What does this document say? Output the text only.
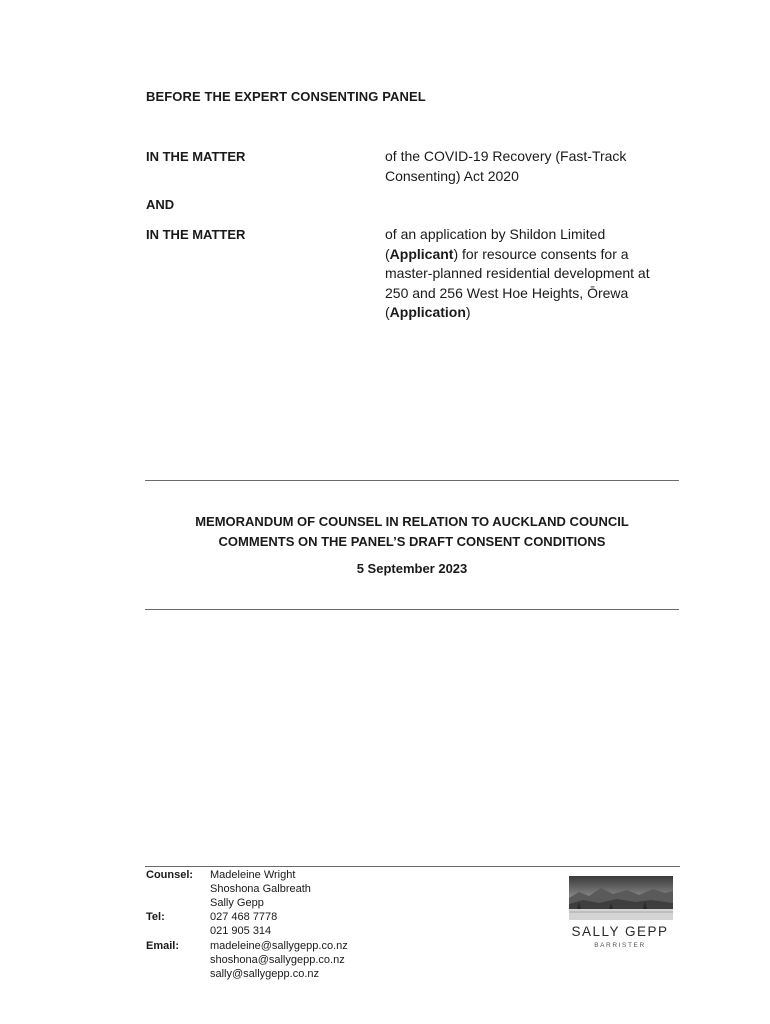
BEFORE THE EXPERT CONSENTING PANEL
IN THE MATTER	of the COVID-19 Recovery (Fast-Track
Consenting) Act 2020
AND
IN THE MATTER	of an application by Shildon Limited
(Applicant) for resource consents for a
master-planned residential development at
250 and 256 West Hoe Heights, Ōrewa
(Application)
MEMORANDUM OF COUNSEL IN RELATION TO AUCKLAND COUNCIL
COMMENTS ON THE PANEL’S DRAFT CONSENT CONDITIONS
5 September 2023
Counsel: Madeleine Wright
Shoshona Galbreath
Sally Gepp
Tel:	027 468 7778
021 905 314
Email:	madeleine@sallygepp.co.nz
shoshona@sallygepp.co.nz
sally@sallygepp.co.nz
SALLY GEPP
BARRISTER
